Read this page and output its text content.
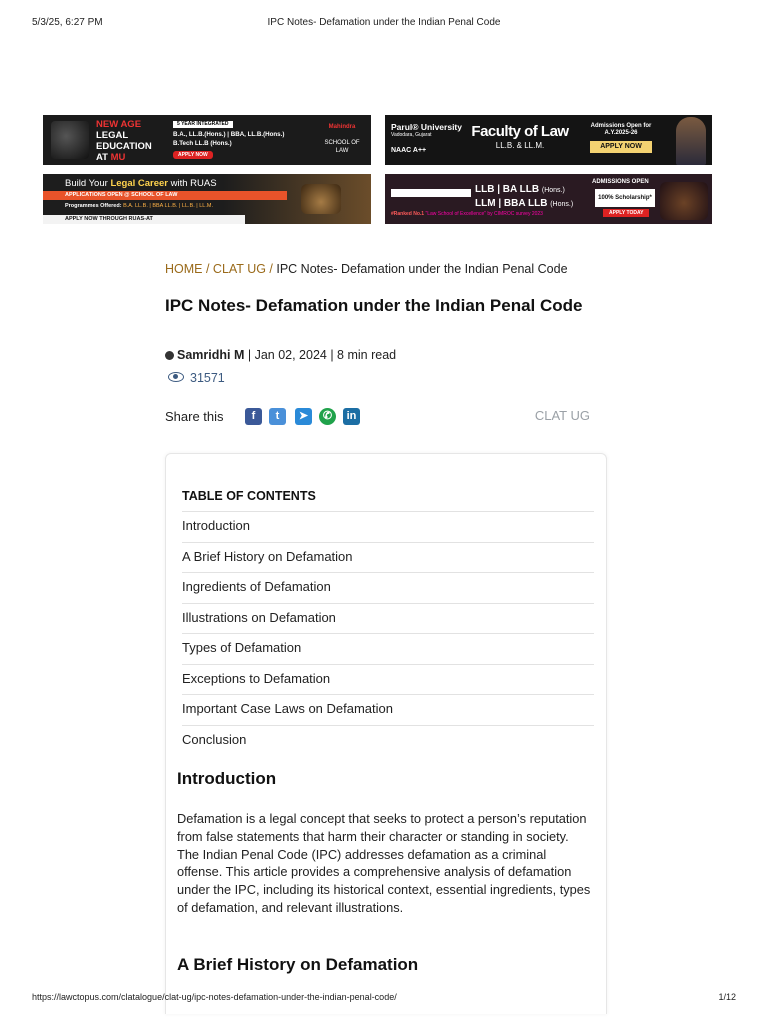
5/3/25, 6:27 PM	IPC Notes- Defamation under the Indian Penal Code
NEW AGE
LEGAL
EDUCATION
AT MU
5 YEAR INTEGRATED
B.A., LL.B.(Hons.) | BBA, LL.B.(Hons.)
B.Tech LL.B (Hons.)
APPLY NOW
Mahindra
SCHOOL OF LAW
Parul® University
Vadodara, Gujarat
NAAC A++
Faculty of Law
LL.B. & LL.M.
Admissions Open for A.Y.2025-26
APPLY NOW
Build Your Legal Career with RUAS
APPLICATIONS OPEN @ SCHOOL OF LAW
Programmes Offered: B.A. LL.B. | BBA LL.B. | LL.B. | LL.M.
APPLY NOW THROUGH RUAS-AT
LLB | BA LLB (Hons.)
LLM | BBA LLB (Hons.)
#Ranked No.1 "Law School of Excellence" by CIMROC survey 2023
ADMISSIONS OPEN
100% Scholarship*
APPLY TODAY
HOME / CLAT UG / IPC Notes- Defamation under the Indian Penal Code
IPC Notes- Defamation under the Indian Penal Code
Samridhi M | Jan 02, 2024 | 8 min read
31571
Share this	f	t	➤	✆	in	CLAT UG
TABLE OF CONTENTS
Introduction
A Brief History on Defamation
Ingredients of Defamation
Illustrations on Defamation
Types of Defamation
Exceptions to Defamation
Important Case Laws on Defamation
Conclusion
Introduction

Defamation is a legal concept that seeks to protect a person’s reputation from false statements that harm their character or standing in society. The Indian Penal Code (IPC) addresses defamation as a criminal offense. This article provides a comprehensive analysis of defamation under the IPC, including its historical context, essential ingredients, types of defamation, and relevant illustrations.

A Brief History on Defamation
https://lawctopus.com/clatalogue/clat-ug/ipc-notes-defamation-under-the-indian-penal-code/	1/12
